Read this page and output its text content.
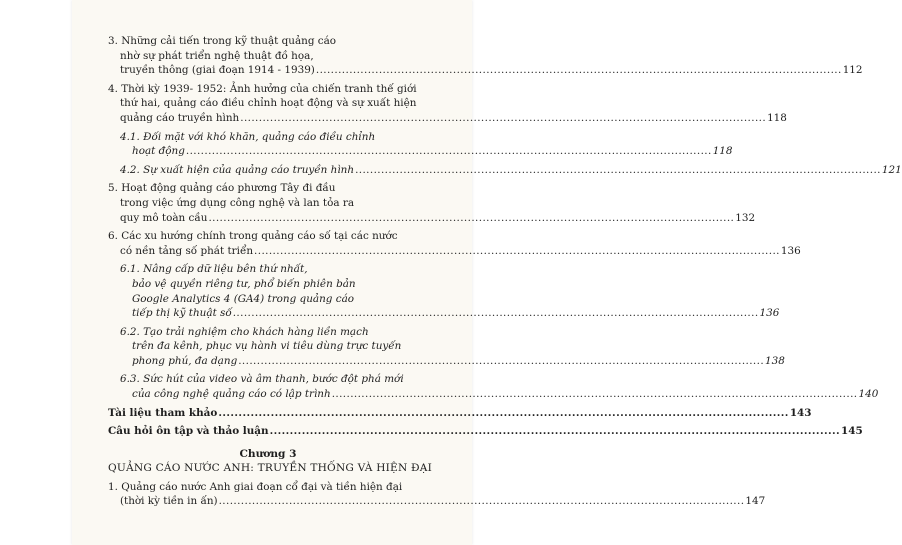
3. Những cải tiến trong kỹ thuật quảng cáo
nhờ sự phát triển nghệ thuật đồ họa,
truyền thông (giai đoạn 1914 - 1939) .....	112
4. Thời kỳ 1939- 1952: Ảnh hưởng của chiến tranh thế giới
thứ hai, quảng cáo điều chỉnh hoạt động và sự xuất hiện
quảng cáo truyền hình .....	118
4.1. Đối mặt với khó khăn, quảng cáo điều chỉnh
hoạt động .....	118
4.2. Sự xuất hiện của quảng cáo truyền hình .....	121
5. Hoạt động quảng cáo phương Tây đi đầu
trong việc ứng dụng công nghệ và lan tỏa ra
quy mô toàn cầu .....	132
6. Các xu hướng chính trong quảng cáo số tại các nước
có nền tảng số phát triển .....	136
6.1. Nâng cấp dữ liệu bên thứ nhất,
bảo vệ quyền riêng tư, phổ biến phiên bản
Google Analytics 4 (GA4) trong quảng cáo
tiếp thị kỹ thuật số .....	136
6.2. Tạo trải nghiệm cho khách hàng liền mạch
trên đa kênh, phục vụ hành vi tiêu dùng trực tuyến
phong phú, đa dạng .....	138
6.3. Sức hút của video và âm thanh, bước đột phá mới
của công nghệ quảng cáo có lập trình .....	140
Tài liệu tham khảo .....	143
Câu hỏi ôn tập và thảo luận .....	145
Chương 3
QUẢNG CÁO NƯỚC ANH: TRUYỀN THỐNG VÀ HIỆN ĐẠI
1. Quảng cáo nước Anh giai đoạn cổ đại và tiền hiện đại
(thời kỳ tiền in ấn) .....	147
